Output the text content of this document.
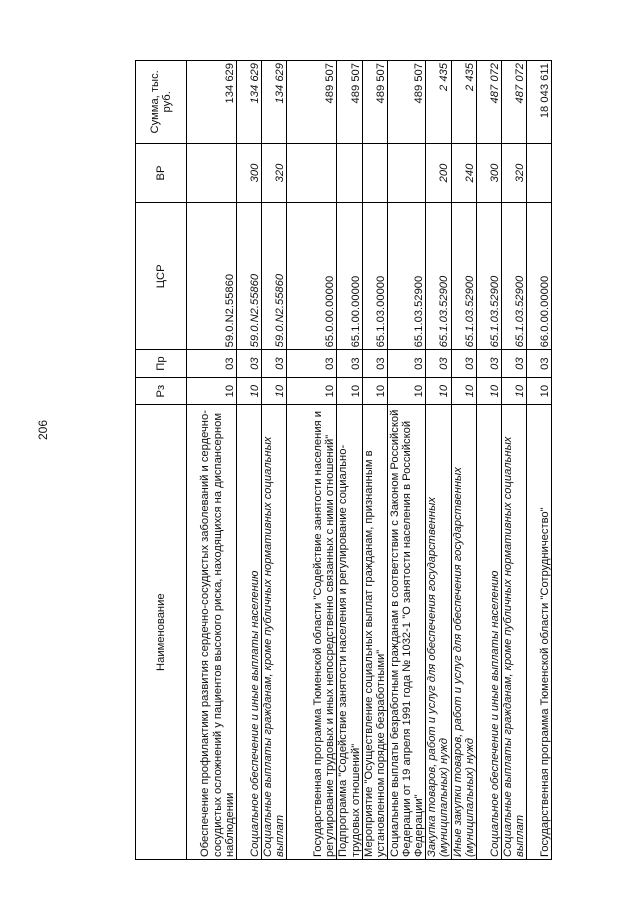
206
Наименование	Рз	Пр	ЦСР	ВР	Сумма, тыс. руб.
Обеспечение профилактики развития сердечно-сосудистых заболеваний и сердечно-сосудистых осложнений у пациентов высокого риска, находящихся на диспансерном наблюдении	10	03	59.0.N2.55860		134 629
Социальное обеспечение и иные выплаты населению	10	03	59.0.N2.55860	300	134 629
Социальные выплаты гражданам, кроме публичных нормативных социальных выплат	10	03	59.0.N2.55860	320	134 629
Государственная программа Тюменской области "Содействие занятости населения и регулирование трудовых и иных непосредственно связанных с ними отношений"	10	03	65.0.00.00000		489 507
Подпрограмма "Содействие занятости населения и регулирование социально-трудовых отношений"	10	03	65.1.00.00000		489 507
Мероприятие "Осуществление социальных выплат гражданам, признанным в установленном порядке безработными"	10	03	65.1.03.00000		489 507
Социальные выплаты безработным гражданам в соответствии с Законом Российской Федерации от 19 апреля 1991 года № 1032-1 "О занятости населения в Российской Федерации"	10	03	65.1.03.52900		489 507
Закупка товаров, работ и услуг для обеспечения государственных (муниципальных) нужд	10	03	65.1.03.52900	200	2 435
Иные закупки товаров, работ и услуг для обеспечения государственных (муниципальных) нужд	10	03	65.1.03.52900	240	2 435
Социальное обеспечение и иные выплаты населению	10	03	65.1.03.52900	300	487 072
Социальные выплаты гражданам, кроме публичных нормативных социальных выплат	10	03	65.1.03.52900	320	487 072
Государственная программа Тюменской области "Сотрудничество"	10	03	66.0.00.00000		18 043 611
